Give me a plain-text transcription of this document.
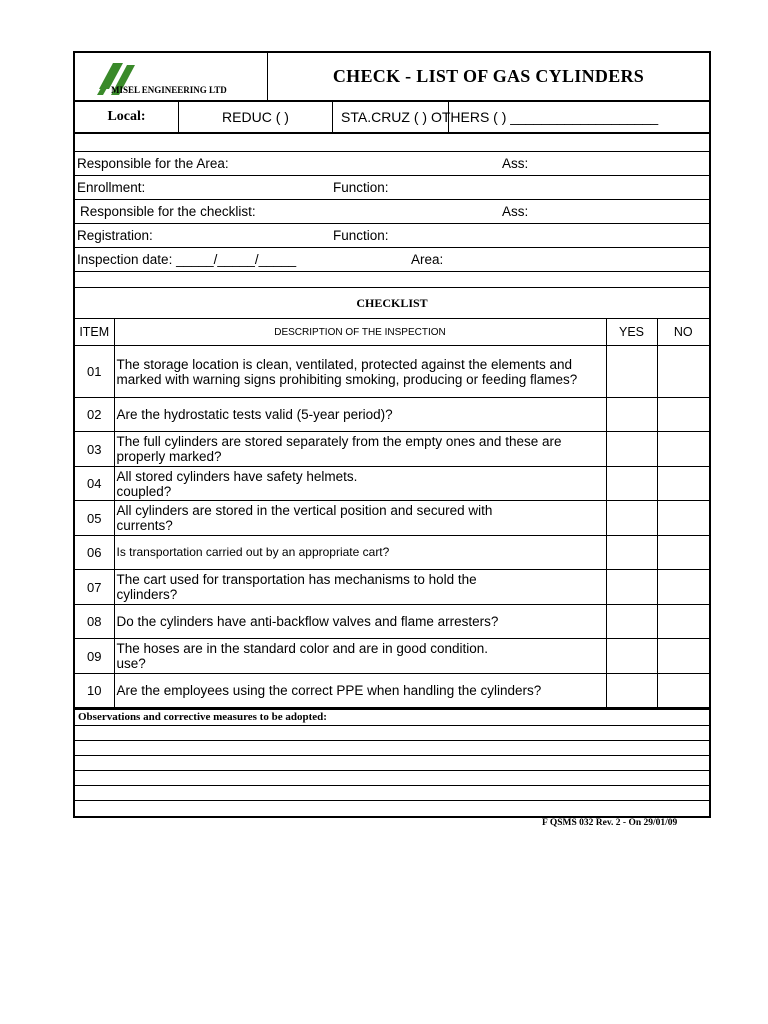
MISEL ENGINEERING LTD
CHECK - LIST OF GAS CYLINDERS
Local:	REDUC ( )	STA.CRUZ ( ) OTHERS ( ) ___________________
Responsible for the Area:	Ass:
Enrollment:	Function:
Responsible for the checklist:	Ass:
Registration:	Function:
Inspection date: _____/_____/_____	Area:
CHECKLIST
ITEM	DESCRIPTION OF THE INSPECTION	YES	NO
01	The storage location is clean, ventilated, protected against the elements and marked with warning signs prohibiting smoking, producing or feeding flames?		
02	Are the hydrostatic tests valid (5-year period)?		
03	The full cylinders are stored separately from the empty ones and these are properly marked?		
04	All stored cylinders have safety helmets.
coupled?		
05	All cylinders are stored in the vertical position and secured with
currents?		
06	Is transportation carried out by an appropriate cart?		
07	The cart used for transportation has mechanisms to hold the
cylinders?		
08	Do the cylinders have anti-backflow valves and flame arresters?		
09	The hoses are in the standard color and are in good condition.
use?		
10	Are the employees using the correct PPE when handling the cylinders?		
Observations and corrective measures to be adopted:
F QSMS 032 Rev. 2 - On 29/01/09
